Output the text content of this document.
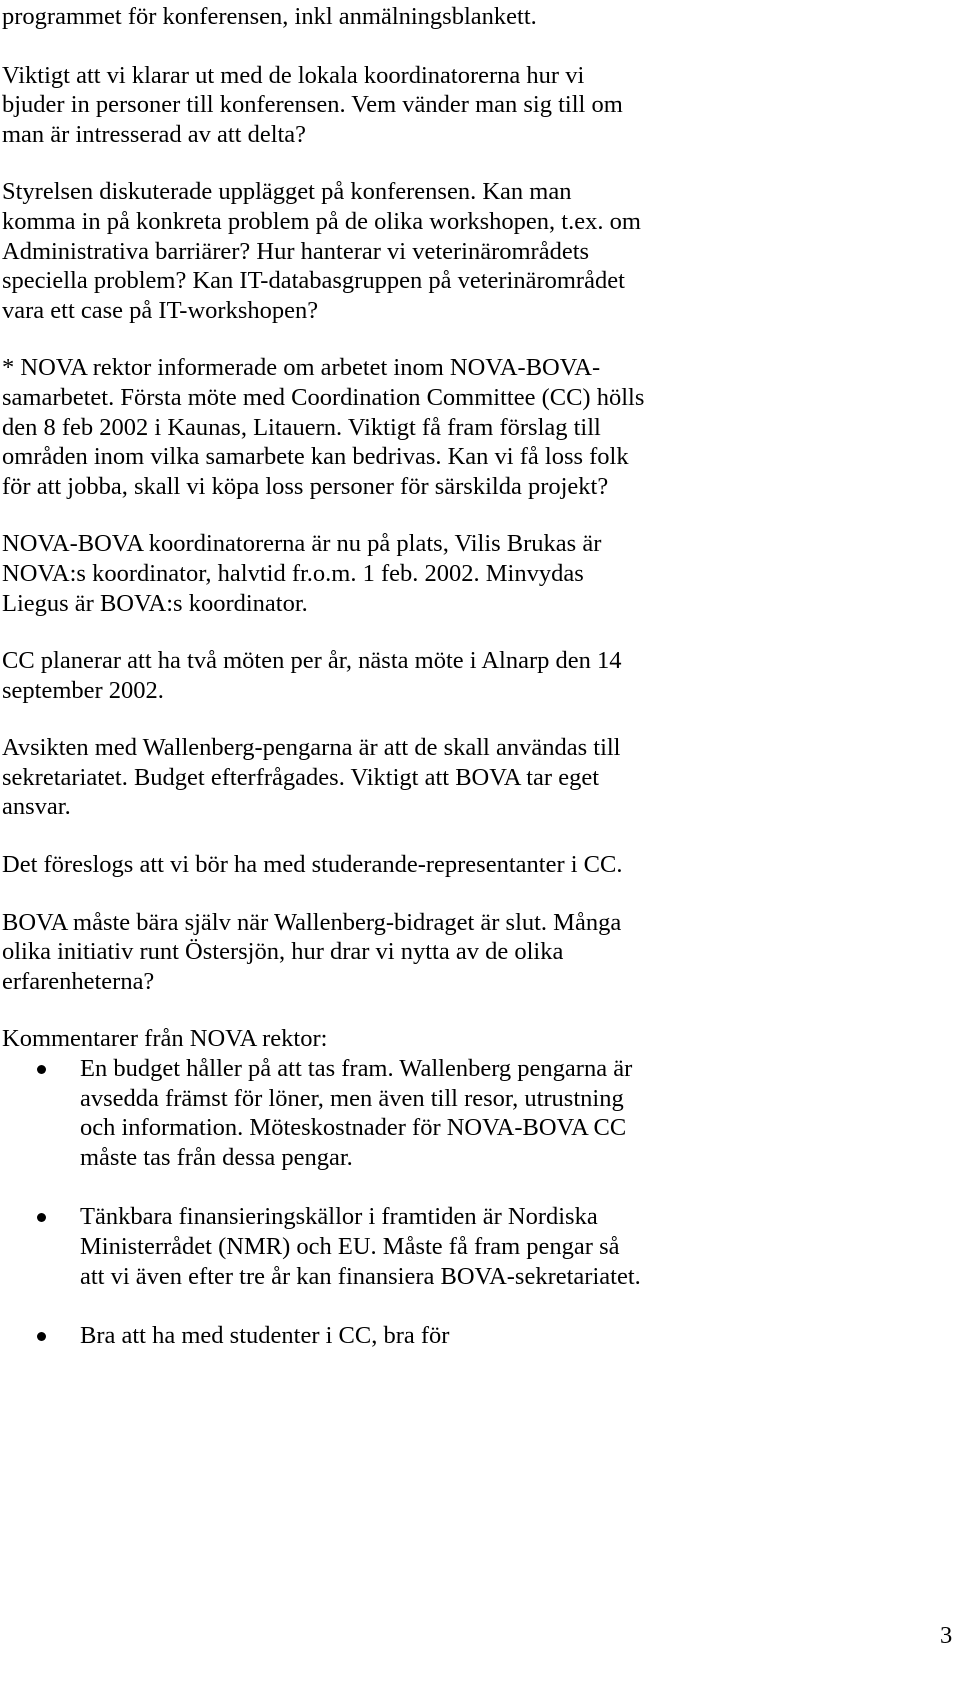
programmet för konferensen, inkl anmälningsblankett.

Viktigt att vi klarar ut med de lokala koordinatorerna hur vi bjuder in personer till konferensen. Vem vänder man sig till om man är intresserad av att delta?

Styrelsen diskuterade upplägget på konferensen. Kan man komma in på konkreta problem på de olika workshopen, t.ex. om Administrativa barriärer? Hur hanterar vi veterinärområdets speciella problem? Kan IT-databasgruppen på veterinärområdet vara ett case på IT-workshopen?

* NOVA rektor informerade om arbetet inom NOVA-BOVA-samarbetet. Första möte med Coordination Committee (CC) hölls den 8 feb 2002 i Kaunas, Litauern. Viktigt få fram förslag till områden inom vilka samarbete kan bedrivas. Kan vi få loss folk för att jobba, skall vi köpa loss personer för särskilda projekt?

NOVA-BOVA koordinatorerna är nu på plats, Vilis Brukas är NOVA:s koordinator, halvtid fr.o.m. 1 feb. 2002. Minvydas Liegus är BOVA:s koordinator.

CC planerar att ha två möten per år, nästa möte i Alnarp den 14 september 2002.

Avsikten med Wallenberg-pengarna är att de skall användas till sekretariatet. Budget efterfrågades. Viktigt att BOVA tar eget ansvar.

Det föreslogs att vi bör ha med studerande-representanter i CC.

BOVA måste bära själv när Wallenberg-bidraget är slut. Många olika initiativ runt Östersjön, hur drar vi nytta av de olika erfarenheterna?

Kommentarer från NOVA rektor:

En budget håller på att tas fram. Wallenberg pengarna är avsedda främst för löner, men även till resor, utrustning och information. Möteskostnader för NOVA-BOVA CC måste tas från dessa pengar.
Tänkbara finansieringskällor i framtiden är Nordiska Ministerrådet (NMR) och EU. Måste få fram pengar så att vi även efter tre år kan finansiera BOVA-sekretariatet.
Bra att ha med studenter i CC, bra för
3
